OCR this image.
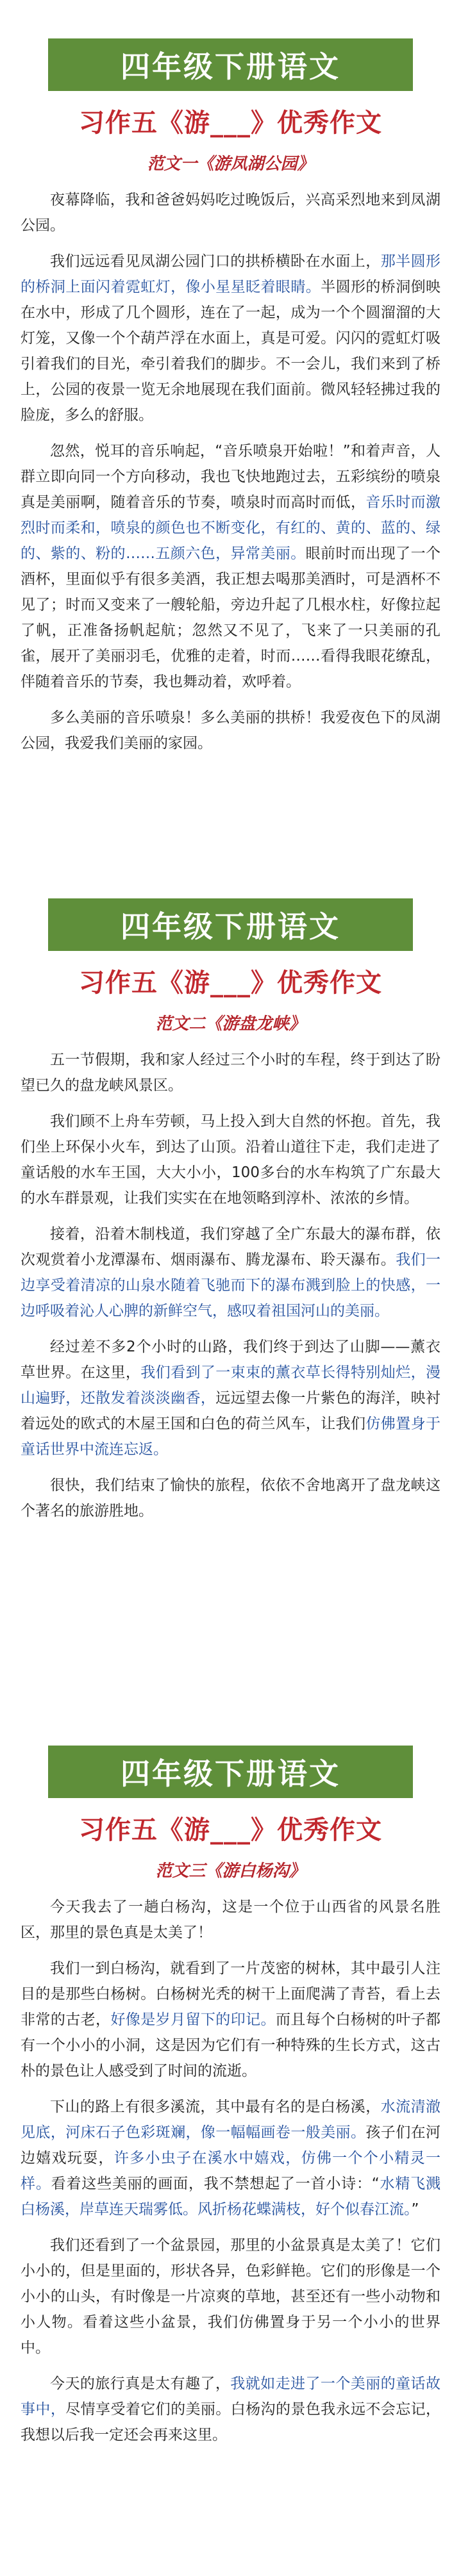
四年级下册语文
习作五《游___》优秀作文
范文一《游凤湖公园》

夜幕降临，我和爸爸妈妈吃过晚饭后，兴高采烈地来到凤湖公园。

我们远远看见凤湖公园门口的拱桥横卧在水面上，那半圆形的桥洞上面闪着霓虹灯，像小星星眨着眼睛。半圆形的桥洞倒映在水中，形成了几个圆形，连在了一起，成为一个个圆溜溜的大灯笼，又像一个个葫芦浮在水面上，真是可爱。闪闪的霓虹灯吸引着我们的目光，牵引着我们的脚步。不一会儿，我们来到了桥上，公园的夜景一览无余地展现在我们面前。微风轻轻拂过我的脸庞，多么的舒服。

忽然，悦耳的音乐响起，“音乐喷泉开始啦！”和着声音，人群立即向同一个方向移动，我也飞快地跑过去，五彩缤纷的喷泉真是美丽啊，随着音乐的节奏，喷泉时而高时而低，音乐时而激烈时而柔和，喷泉的颜色也不断变化，有红的、黄的、蓝的、绿的、紫的、粉的……五颜六色，异常美丽。眼前时而出现了一个酒杯，里面似乎有很多美酒，我正想去喝那美酒时，可是酒杯不见了；时而又变来了一艘轮船，旁边升起了几根水柱，好像拉起了帆，正准备扬帆起航；忽然又不见了，飞来了一只美丽的孔雀，展开了美丽羽毛，优雅的走着，时而……看得我眼花缭乱，伴随着音乐的节奏，我也舞动着，欢呼着。

多么美丽的音乐喷泉！多么美丽的拱桥！我爱夜色下的凤湖公园，我爱我们美丽的家园。

四年级下册语文
习作五《游___》优秀作文
范文二《游盘龙峡》

五一节假期，我和家人经过三个小时的车程，终于到达了盼望已久的盘龙峡风景区。

我们顾不上舟车劳顿，马上投入到大自然的怀抱。首先，我们坐上环保小火车，到达了山顶。沿着山道往下走，我们走进了童话般的水车王国，大大小小，100多台的水车构筑了广东最大的水车群景观，让我们实实在在地领略到淳朴、浓浓的乡情。

接着，沿着木制栈道，我们穿越了全广东最大的瀑布群，依次观赏着小龙潭瀑布、烟雨瀑布、腾龙瀑布、聆天瀑布。我们一边享受着清凉的山泉水随着飞驰而下的瀑布溅到脸上的快感，一边呼吸着沁人心脾的新鲜空气，感叹着祖国河山的美丽。

经过差不多2个小时的山路，我们终于到达了山脚——薰衣草世界。在这里，我们看到了一束束的薰衣草长得特别灿烂，漫山遍野，还散发着淡淡幽香，远远望去像一片紫色的海洋，映衬着远处的欧式的木屋王国和白色的荷兰风车，让我们仿佛置身于童话世界中流连忘返。

很快，我们结束了愉快的旅程，依依不舍地离开了盘龙峡这个著名的旅游胜地。

四年级下册语文
习作五《游___》优秀作文
范文三《游白杨沟》

今天我去了一趟白杨沟，这是一个位于山西省的风景名胜区，那里的景色真是太美了！

我们一到白杨沟，就看到了一片茂密的树林，其中最引人注目的是那些白杨树。白杨树光秃的树干上面爬满了青苔，看上去非常的古老，好像是岁月留下的印记。而且每个白杨树的叶子都有一个小小的小洞，这是因为它们有一种特殊的生长方式，这古朴的景色让人感受到了时间的流逝。

下山的路上有很多溪流，其中最有名的是白杨溪，水流清澈见底，河床石子色彩斑斓，像一幅幅画卷一般美丽。孩子们在河边嬉戏玩耍，许多小虫子在溪水中嬉戏，仿佛一个个小精灵一样。看着这些美丽的画面，我不禁想起了一首小诗：“水精飞溅白杨溪，岸草连天瑞雾低。风折杨花蝶满枝，好个似春江流。”

我们还看到了一个盆景园，那里的小盆景真是太美了！它们小小的，但是里面的，形状各异，色彩鲜艳。它们的形像是一个小小的山头，有时像是一片凉爽的草地，甚至还有一些小动物和小人物。看着这些小盆景，我们仿佛置身于另一个小小的世界中。

今天的旅行真是太有趣了，我就如走进了一个美丽的童话故事中，尽情享受着它们的美丽。白杨沟的景色我永远不会忘记，我想以后我一定还会再来这里。
